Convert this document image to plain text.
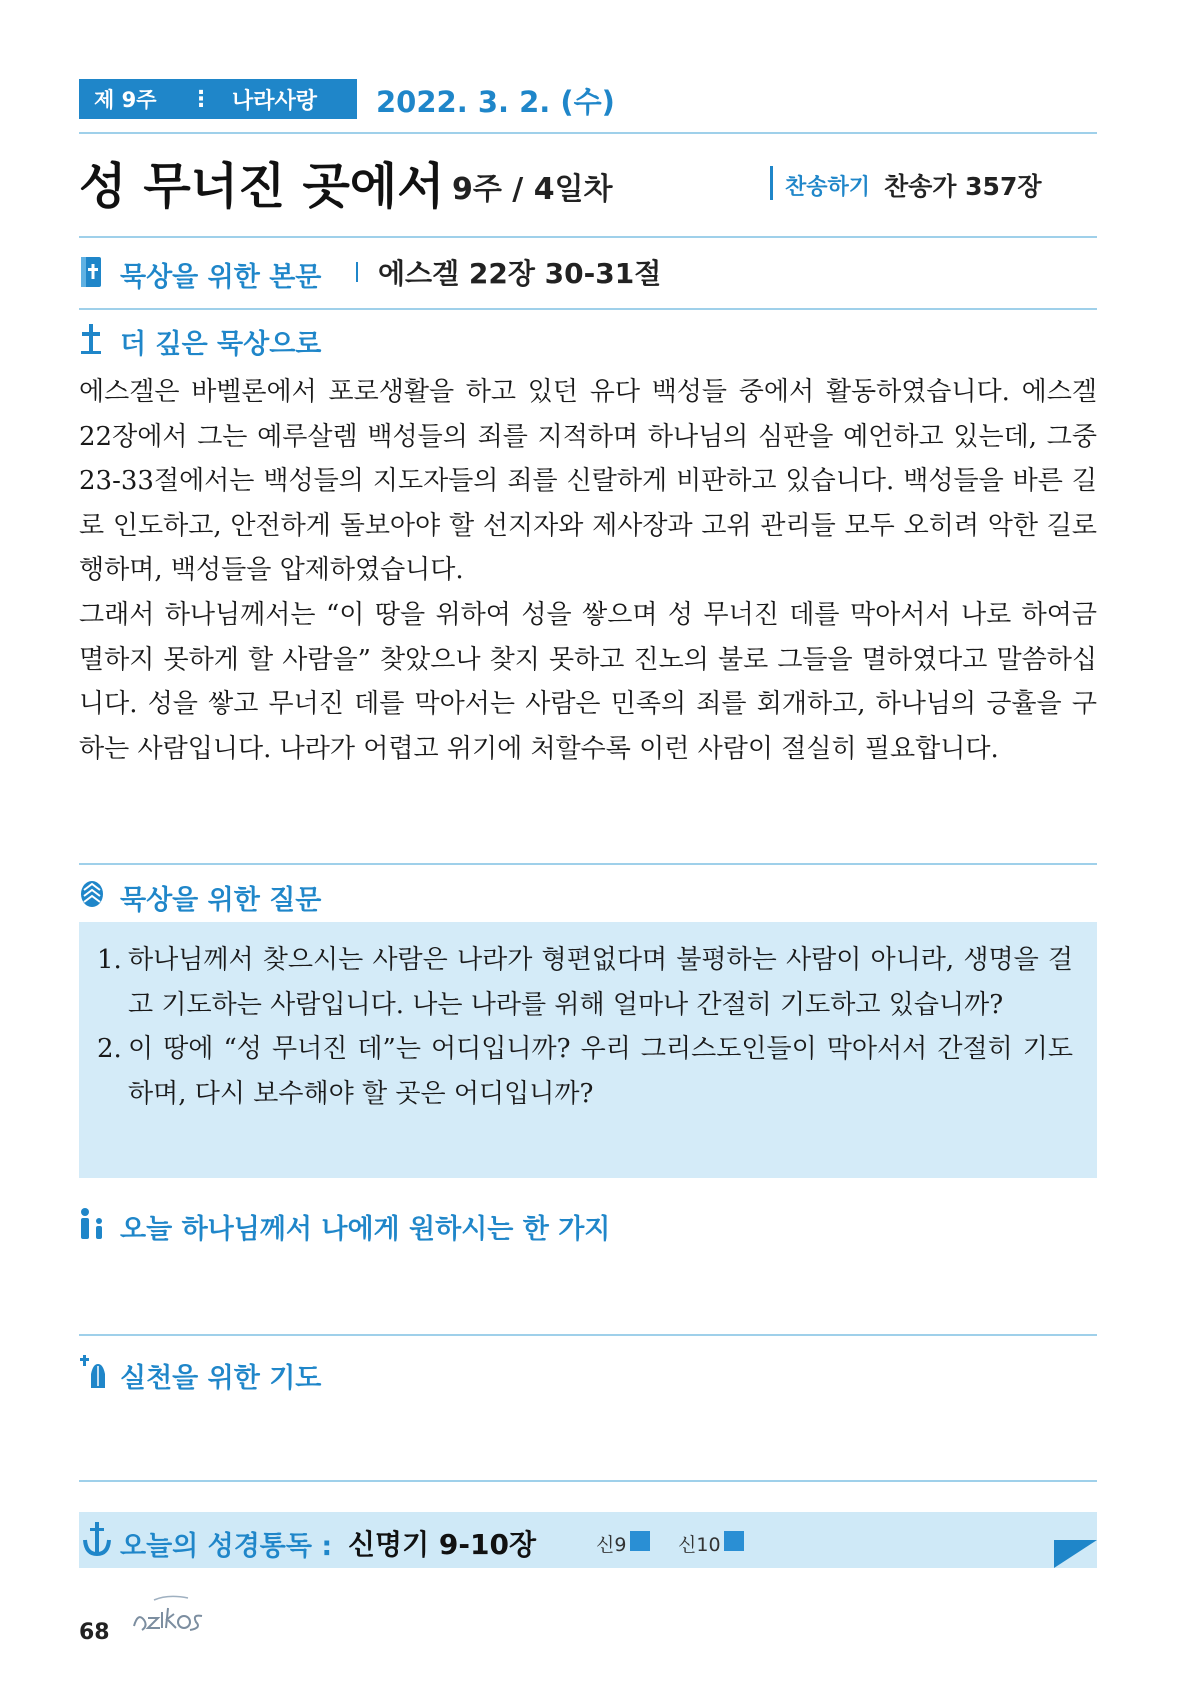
제 9주	⋮ 나라사랑 2022. 3. 2. (수)
성 무너진 곳에서 9주 / 4일차	찬송하기 찬송가 357장
묵상을 위한 본문 에스겔 22장 30-31절
더 깊은 묵상으로

에스겔은 바벨론에서 포로생활을 하고 있던 유다 백성들 중에서 활동하였습니다. 에스겔 22장에서 그는 예루살렘 백성들의 죄를 지적하며 하나님의 심판을 예언하고 있는데, 그중 23-33절에서는 백성들의 지도자들의 죄를 신랄하게 비판하고 있습니다. 백성들을 바른 길로 인도하고, 안전하게 돌보아야 할 선지자와 제사장과 고위 관리들 모두 오히려 악한 길로 행하며, 백성들을 압제하였습니다.

그래서 하나님께서는 “이 땅을 위하여 성을 쌓으며 성 무너진 데를 막아서서 나로 하여금 멸하지 못하게 할 사람을” 찾았으나 찾지 못하고 진노의 불로 그들을 멸하였다고 말씀하십니다. 성을 쌓고 무너진 데를 막아서는 사람은 민족의 죄를 회개하고, 하나님의 긍휼을 구하는 사람입니다. 나라가 어렵고 위기에 처할수록 이런 사람이 절실히 필요합니다.

묵상을 위한 질문
1. 하나님께서 찾으시는 사람은 나라가 형편없다며 불평하는 사람이 아니라, 생명을 걸고 기도하는 사람입니다. 나는 나라를 위해 얼마나 간절히 기도하고 있습니까?
2. 이 땅에 “성 무너진 데”는 어디입니까? 우리 그리스도인들이 막아서서 간절히 기도하며, 다시 보수해야 할 곳은 어디입니까?
오늘 하나님께서 나에게 원하시는 한 가지
실천을 위한 기도
오늘의 성경통독 : 신명기 9-10장	신9	신10
68
